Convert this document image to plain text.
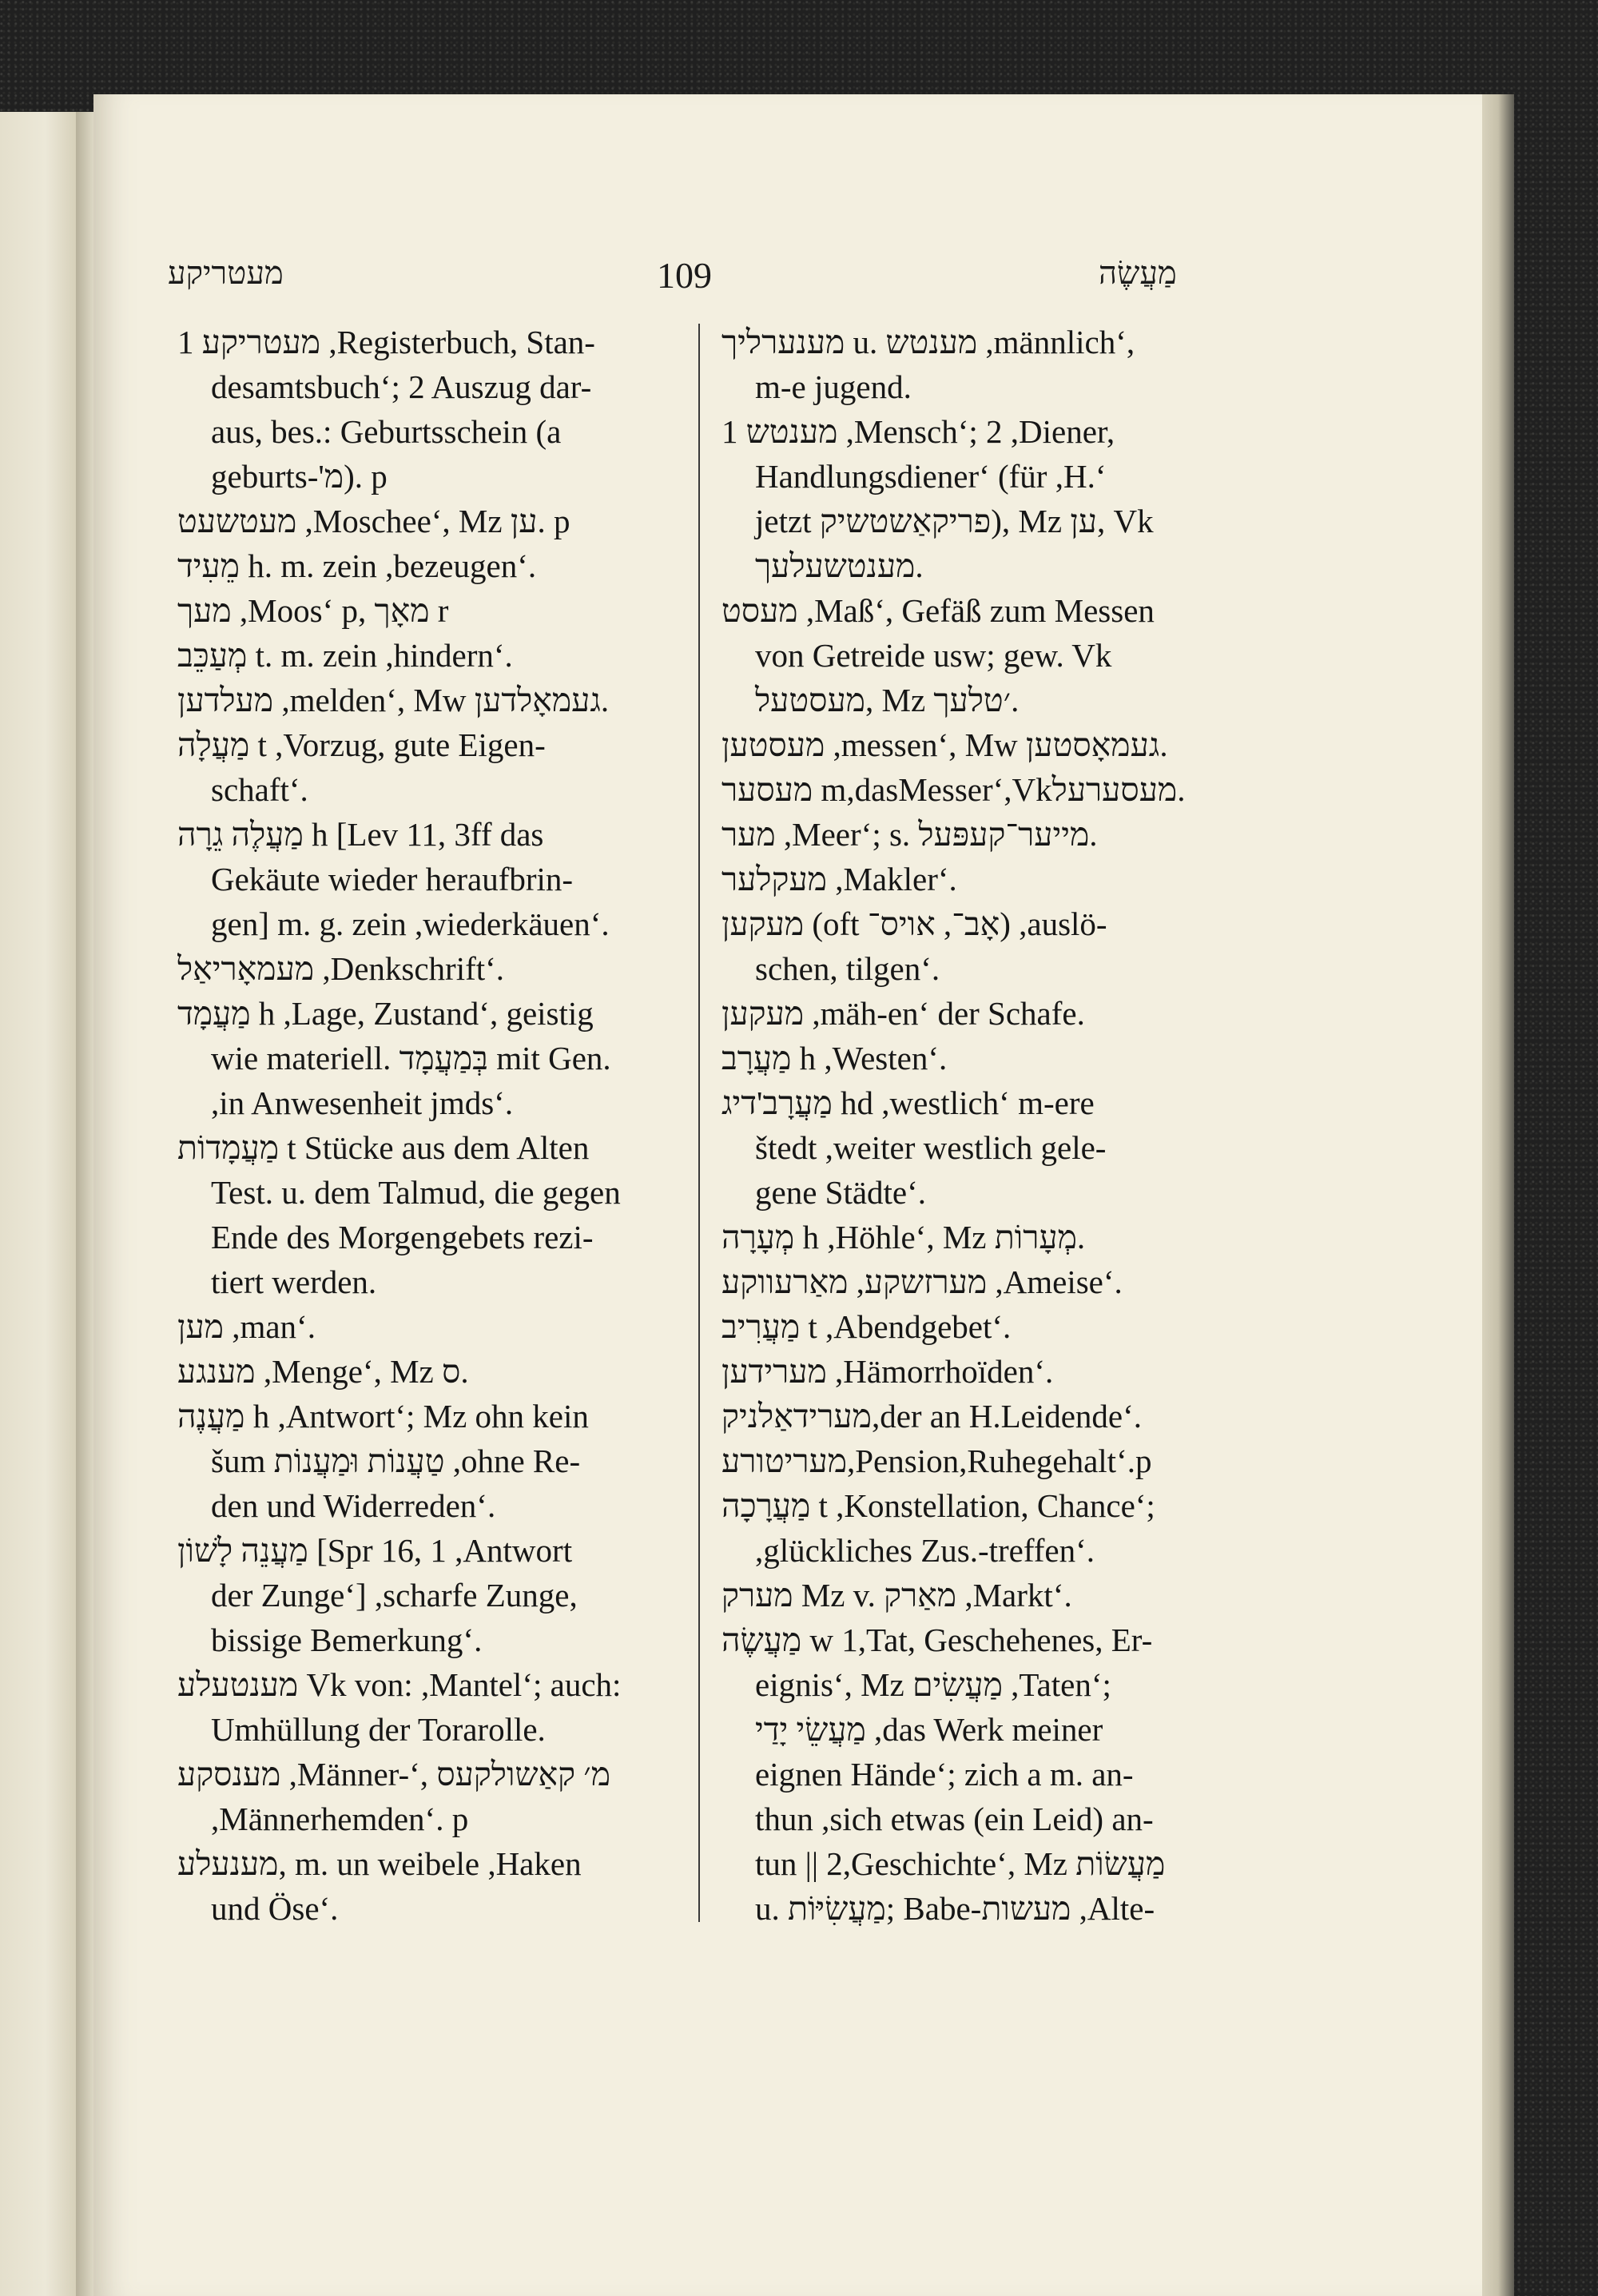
מעטריקע	109	מַעֲשֶׂה
מעטריקע 1 ,Registerbuch, Stan-
desamtsbuch‘; 2 Auszug dar-
aus, bes.: Geburtsschein (a
geburts-'מ). p
מעטשעט ,Moschee‘, Mz ען. p
מֵעִיד h. m. zein ,bezeugen‘.
מעך ,Moos‘ p, מאָך r
מְעַכֵּב t. m. zein ,hindern‘.
מעלדען ,melden‘, Mw געמאָלדען.
מַעֲלָה t ,Vorzug, gute Eigen-
schaft‘.
מַעֲלֶה גֵרָה h [Lev 11, 3ff das
Gekäute wieder heraufbrin-
gen] m. g. zein ,wiederkäuen‘.
מעמאָריאַל ,Denkschrift‘.
מַעֲמָד h ,Lage, Zustand‘, geistig
wie materiell. בְּמַעֲמָד mit Gen.
,in Anwesenheit jmds‘.
מַעֲמָדוֹת t Stücke aus dem Alten
Test. u. dem Talmud, die gegen
Ende des Morgengebets rezi-
tiert werden.
מען ,man‘.
מענגע ,Menge‘, Mz ס.
מַעֲנֶה h ,Antwort‘; Mz ohn kein
šum טַעֲנוֹת וּמַעֲנוֹת ,ohne Re-
den und Widerreden‘.
מַעֲנֵה לָשׁוֹן [Spr 16, 1 ,Antwort
der Zunge‘] ,scharfe Zunge,
bissige Bemerkung‘.
מענטעלע Vk von: ,Mantel‘; auch:
Umhüllung der Torarolle.
מענסקע ,Männer-‘, מ׳ קאַשולקעס
,Männerhemden‘. p
מענעלע, m. un weibele ,Haken
und Öse‘.
מענערליך u. מענטש ,männlich‘,
m-e jugend.
מענטש 1 ,Mensch‘; 2 ,Diener,
Handlungsdiener‘ (für ,H.‘
jetzt פריקאַשטשיק), Mz ען, Vk
מענטשעלעך.
מעסט ,Maß‘, Gefäß zum Messen
von Getreide usw; gew. Vk
מעסטעל, Mz ׳טלעך.
מעסטען ,messen‘, Mw געמאָסטען.
מעסער m,dasMesser‘,Vkמעסערעל.
מער ,Meer‘; s. מייער־קעפּעל.
מעקלער ,Makler‘.
מעקען (oft אָב־, אויס־) ,auslö-
schen, tilgen‘.
מעקען ,mäh-en‘ der Schafe.
מַעֲרָב h ,Westen‘.
מַעֲרָב'דיג hd ,westlich‘ m-ere
štedt ,weiter westlich gele-
gene Städte‘.
מְעָרָה h ,Höhle‘, Mz מְעָרוֹת.
מערזשקע, מאַרעווקע ,Ameise‘.
מַעֲרִיב t ,Abendgebet‘.
מערידען ,Hämorrhoïden‘.
מערידאַלניק,der an H.Leidende‘.
מעריטורע,Pension,Ruhegehalt‘.p
מַעֲרָכָה t ,Konstellation, Chance‘;
,glückliches Zus.-treffen‘.
מערק Mz v. מאַרק ,Markt‘.
מַעֲשֶׂה w 1,Tat, Geschehenes, Er-
eignis‘, Mz מַעֲשִׂים ,Taten‘;
מַעֲשֵׂי יָדַי ,das Werk meiner
eignen Hände‘; zich a m. an-
thun ,sich etwas (ein Leid) an-
tun || 2,Geschichte‘, Mz מַעֲשׂוֹת
u. מַעֲשִׂיּוֹת; Babe-מעשות ,Alte-
